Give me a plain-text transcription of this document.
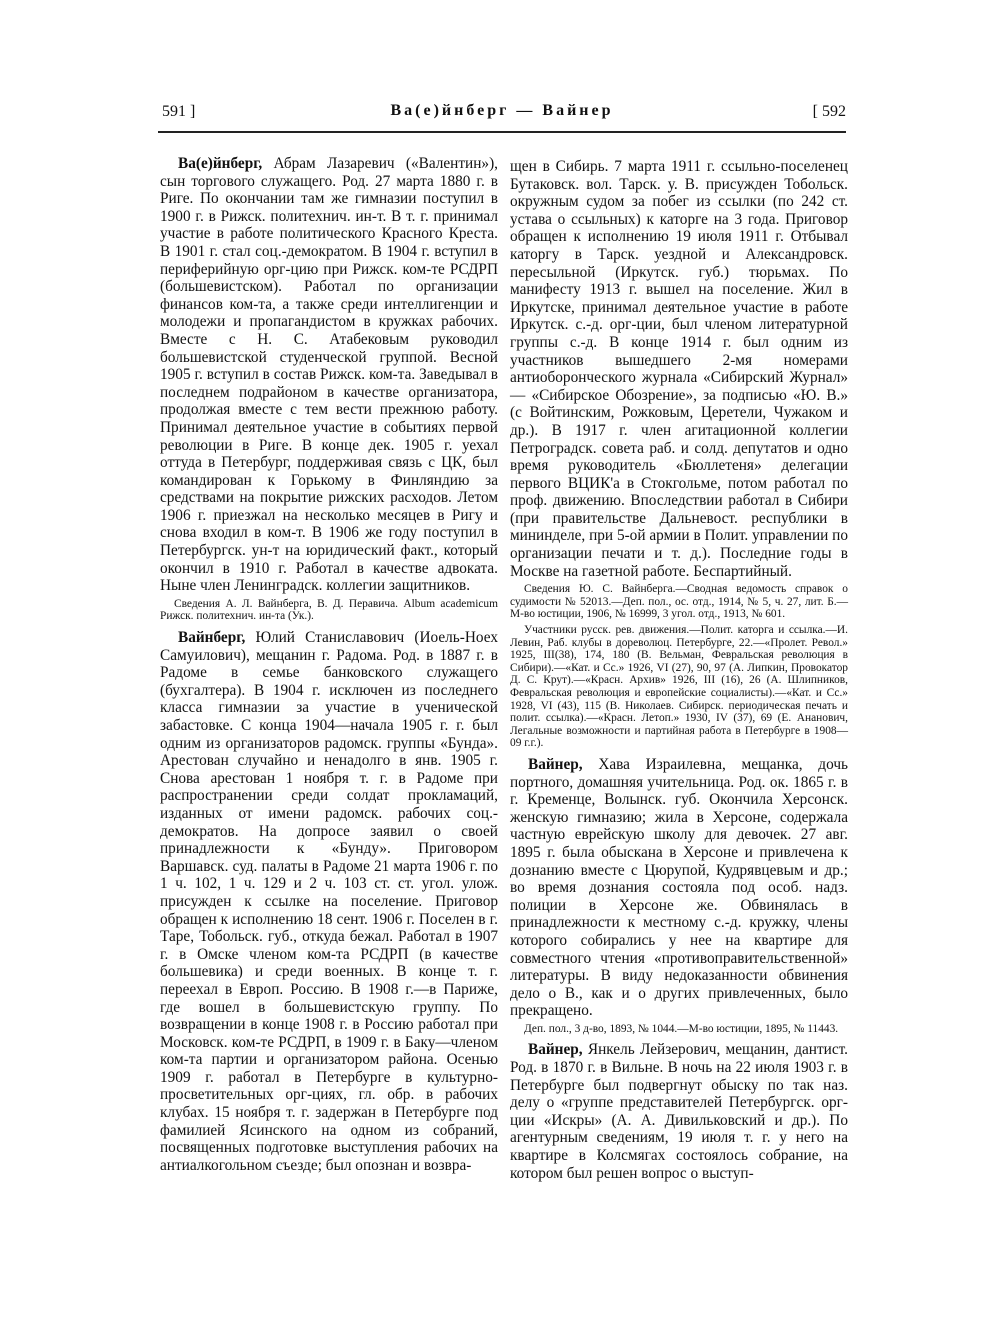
591 ]	Ва(е)йнберг — Вайнер	[ 592

Ва(е)йнберг, Абрам Лазаревич («Валентин»), сын торгового служащего. Род. 27 марта 1880 г. в Риге. По окончании там же гимназии поступил в 1900 г. в Рижск. политехнич. ин-т. В т. г. принимал участие в работе политического Красного Креста. В 1901 г. стал соц.-демократом. В 1904 г. вступил в периферийную орг-цию при Рижск. ком-те РСДРП (большевистском). Работал по организации финансов ком-та, а также среди интеллигенции и молодежи и пропагандистом в кружках рабочих. Вместе с Н. С. Атабековым руководил большевистской студенческой группой. Весной 1905 г. вступил в состав Рижск. ком-та. Заведывал в последнем подрайоном в качестве организатора, продолжая вместе с тем вести прежнюю работу. Принимал деятельное участие в событиях первой революции в Риге. В конце дек. 1905 г. уехал оттуда в Петербург, поддерживая связь с ЦК, был командирован к Горькому в Финляндию за средствами на покрытие рижских расходов. Летом 1906 г. приезжал на несколько месяцев в Ригу и снова входил в ком-т. В 1906 же году поступил в Петербургск. ун-т на юридический факт., который окончил в 1910 г. Работал в качестве адвоката. Ныне член Ленинградск. коллегии защитников.

Сведения А. Л. Вайнберга, В. Д. Перавича. Album academicum Рижск. политехнич. ин-та (Ук.).

Вайнберг, Юлий Станиславович (Иоель-Ноех Самуилович), мещанин г. Радома. Род. в 1887 г. в Радоме в семье банковского служащего (бухгалтера). В 1904 г. исключен из последнего класса гимназии за участие в ученической забастовке. С конца 1904—начала 1905 г. г. был одним из организаторов радомск. группы «Бунда». Арестован случайно и ненадолго в янв. 1905 г. Снова арестован 1 ноября т. г. в Радоме при распространении среди солдат прокламаций, изданных от имени радомск. рабочих соц.-демократов. На допросе заявил о своей принадлежности к «Бунду». Приговором Варшавск. суд. палаты в Радоме 21 марта 1906 г. по 1 ч. 102, 1 ч. 129 и 2 ч. 103 ст. ст. угол. улож. присужден к ссылке на поселение. Приговор обращен к исполнению 18 сент. 1906 г. Поселен в г. Таре, Тобольск. губ., откуда бежал. Работал в 1907 г. в Омске членом ком-та РСДРП (в качестве большевика) и среди военных. В конце т. г. переехал в Европ. Россию. В 1908 г.—в Париже, где вошел в большевистскую группу. По возвращении в конце 1908 г. в Россию работал при Московск. ком-те РСДРП, в 1909 г. в Баку—членом ком-та партии и организатором района. Осенью 1909 г. работал в Петербурге в культурно-просветительных орг-циях, гл. обр. в рабочих клубах. 15 ноября т. г. задержан в Петербурге под фамилией Ясинского на одном из собраний, посвященных подготовке выступления рабочих на антиалкогольном съезде; был опознан и возвра-

щен в Сибирь. 7 марта 1911 г. ссыльно-поселенец Бутаковск. вол. Тарск. у. В. присужден Тобольск. окружным судом за побег из ссылки (по 242 ст. устава о ссыльных) к каторге на 3 года. Приговор обращен к исполнению 19 июля 1911 г. Отбывал каторгу в Тарск. уездной и Александровск. пересыльной (Иркутск. губ.) тюрьмах. По манифесту 1913 г. вышел на поселение. Жил в Иркутске, принимал деятельное участие в работе Иркутск. с.-д. орг-ции, был членом литературной группы с.-д. В конце 1914 г. был одним из участников вышедшего 2-мя номерами антиоборонческого журнала «Сибирский Журнал» — «Сибирское Обозрение», за подписью «Ю. В.» (с Войтинским, Рожковым, Церетели, Чужаком и др.). В 1917 г. член агитационной коллегии Петроградск. совета раб. и солд. депутатов и одно время руководитель «Бюллетеня» делегации первого ВЦИК'а в Стокгольме, потом работал по проф. движению. Впоследствии работал в Сибири (при правительстве Дальневост. республики в мининделе, при 5-ой армии в Полит. управлении по организации печати и т. д.). Последние годы в Москве на газетной работе. Беспартийный.

Сведения Ю. С. Вайнберга.—Сводная ведомость справок о судимости № 52013.—Деп. пол., ос. отд., 1914, № 5, ч. 27, лит. Б.—М-во юстиции, 1906, № 16999, 3 угол. отд., 1913, № 601.

Участники русск. рев. движения.—Полит. каторга и ссылка.—И. Левин, Раб. клубы в дореволюц. Петербурге, 22.—«Пролет. Револ.» 1925, III(38), 174, 180 (В. Вельман, Февральская революция в Сибири).—«Кат. и Сс.» 1926, VI (27), 90, 97 (А. Липкин, Провокатор Д. С. Крут).—«Красн. Архив» 1926, III (16), 26 (А. Шлипников, Февральская революция и европейские социалисты).—«Кат. и Сс.» 1928, VI (43), 115 (В. Николаев. Сибирск. периодическая печать и полит. ссылка).—«Красн. Летоп.» 1930, IV (37), 69 (Е. Ананович, Легальные возможности и партийная работа в Петербурге в 1908—09 г.г.).

Вайнер, Хава Израилевна, мещанка, дочь портного, домашняя учительница. Род. ок. 1865 г. в г. Кременце, Волынск. губ. Окончила Херсонск. женскую гимназию; жила в Херсоне, содержала частную еврейскую школу для девочек. 27 авг. 1895 г. была обыскана в Херсоне и привлечена к дознанию вместе с Цюрупой, Кудрявцевым и др.; во время дознания состояла под особ. надз. полиции в Херсоне же. Обвинялась в принадлежности к местному с.-д. кружку, члены которого собирались у нее на квартире для совместного чтения «противоправительственной» литературы. В виду недоказанности обвинения дело о В., как и о других привлеченных, было прекращено.

Деп. пол., 3 д-во, 1893, № 1044.—М-во юстиции, 1895, № 11443.

Вайнер, Янкель Лейзерович, мещанин, дантист. Род. в 1870 г. в Вильне. В ночь на 22 июля 1903 г. в Петербурге был подвергнут обыску по так наз. делу о «группе представителей Петербургск. орг-ции «Искры» (А. А. Дивильковский и др.). По агентурным сведениям, 19 июля т. г. у него на квартире в Колсмягах состоялось собрание, на котором был решен вопрос о выступ-
